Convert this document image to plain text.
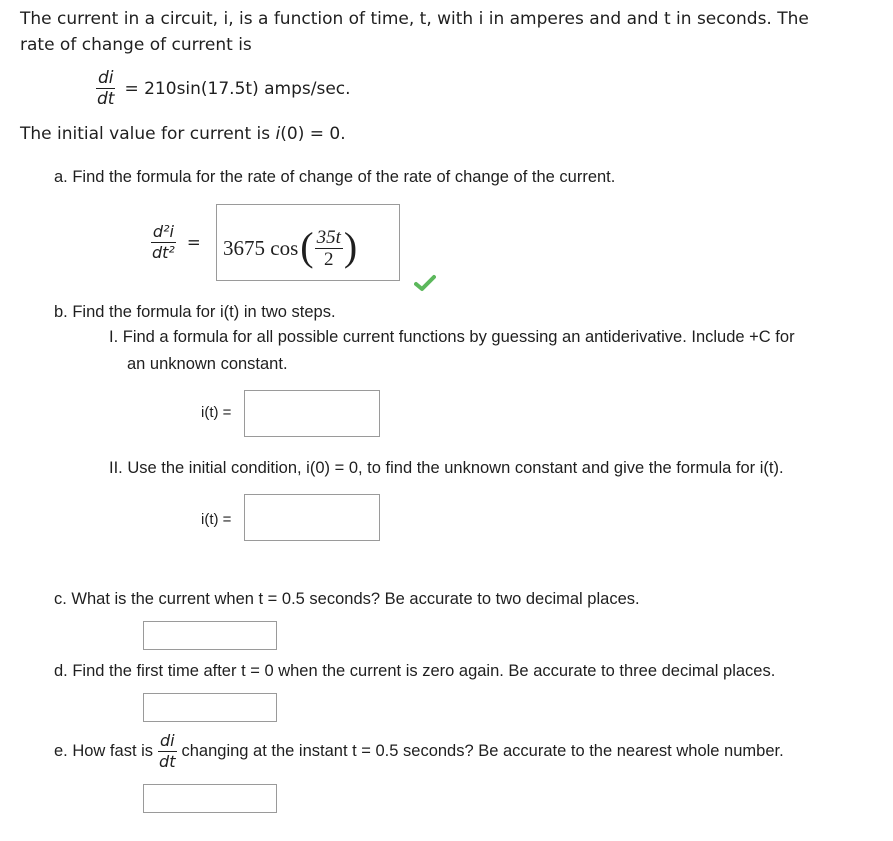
The current in a circuit, i, is a function of time, t, with i in amperes and and t in seconds. The
rate of change of current is
$\frac{di}{dt} = 210\sin(17.5t)$ amps/sec.
The initial value for current is i(0) = 0.
a. Find the formula for the rate of change of the rate of change of the current.
$\frac{\text{d²i}}{\text{dt²}} = 3675$ cos ( $\frac{35t}{2}$ )
b. Find the formula for i(t) in two steps.
I. Find a formula for all possible current functions by guessing an antiderivative. Include +C for
an unknown constant.
i(t) =
II. Use the initial condition, i(0) = 0, to find the unknown constant and give the formula for i(t).
i(t) =
c. What is the current when t = 0.5 seconds? Be accurate to two decimal places.
d. Find the first time after t = 0 when the current is zero again. Be accurate to three decimal places.
e. How fast is $\frac{di}{dt}$ changing at the instant t = 0.5 seconds? Be accurate to the nearest whole number.
